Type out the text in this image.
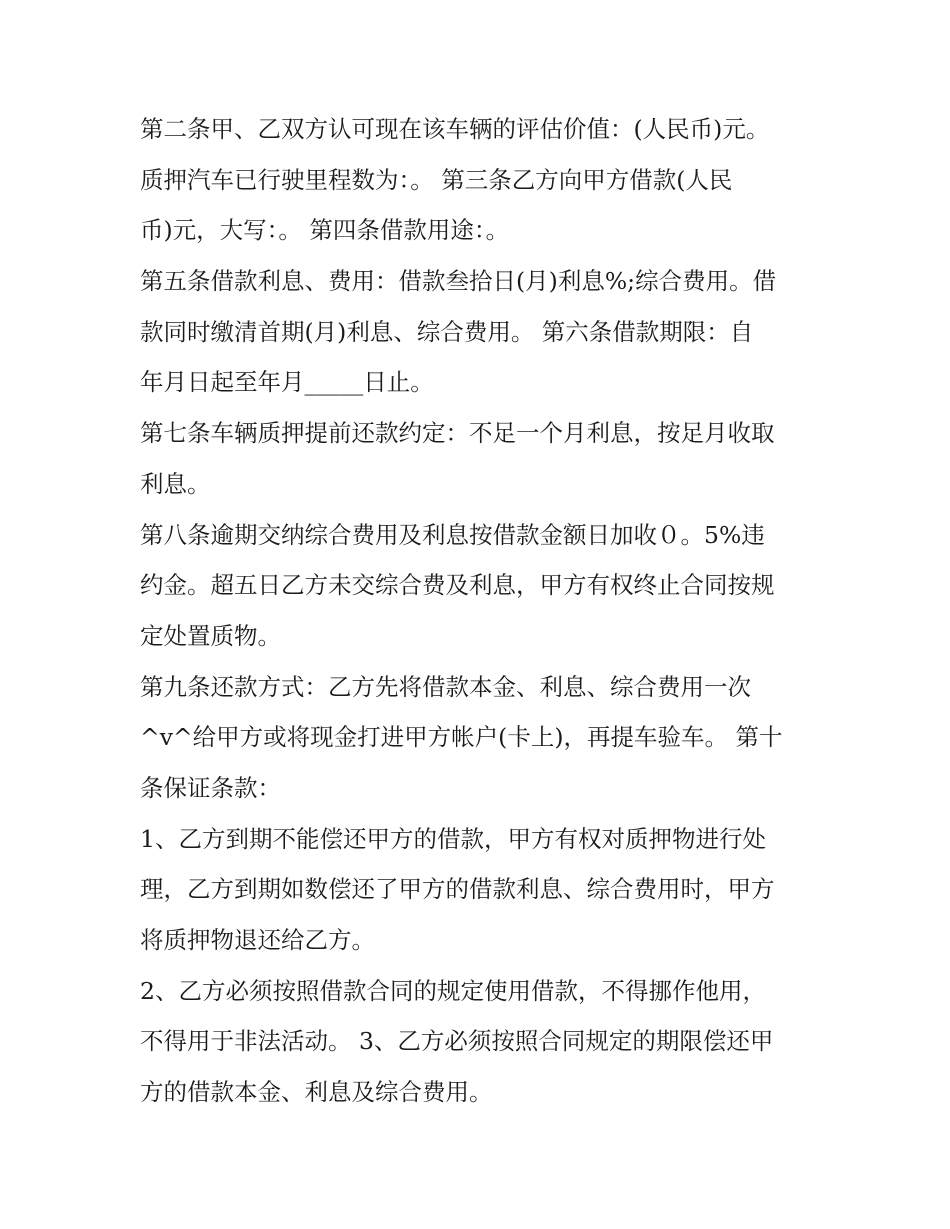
第二条甲、乙双方认可现在该车辆的评估价值：(人民币)元。
质押汽车已行驶里程数为：。 第三条乙方向甲方借款(人民
币)元，大写：。 第四条借款用途：。
第五条借款利息、费用：借款叁拾日(月)利息%;综合费用。借
款同时缴清首期(月)利息、综合费用。 第六条借款期限：自
年月日起至年月_____日止。
第七条车辆质押提前还款约定：不足一个月利息，按足月收取
利息。
第八条逾期交纳综合费用及利息按借款金额日加收０。5%违
约金。超五日乙方未交综合费及利息，甲方有权终止合同按规
定处置质物。
第九条还款方式：乙方先将借款本金、利息、综合费用一次
^v^给甲方或将现金打进甲方帐户(卡上)，再提车验车。 第十
条保证条款：
1、乙方到期不能偿还甲方的借款，甲方有权对质押物进行处
理，乙方到期如数偿还了甲方的借款利息、综合费用时，甲方
将质押物退还给乙方。
2、乙方必须按照借款合同的规定使用借款，不得挪作他用，
不得用于非法活动。 3、乙方必须按照合同规定的期限偿还甲
方的借款本金、利息及综合费用。
